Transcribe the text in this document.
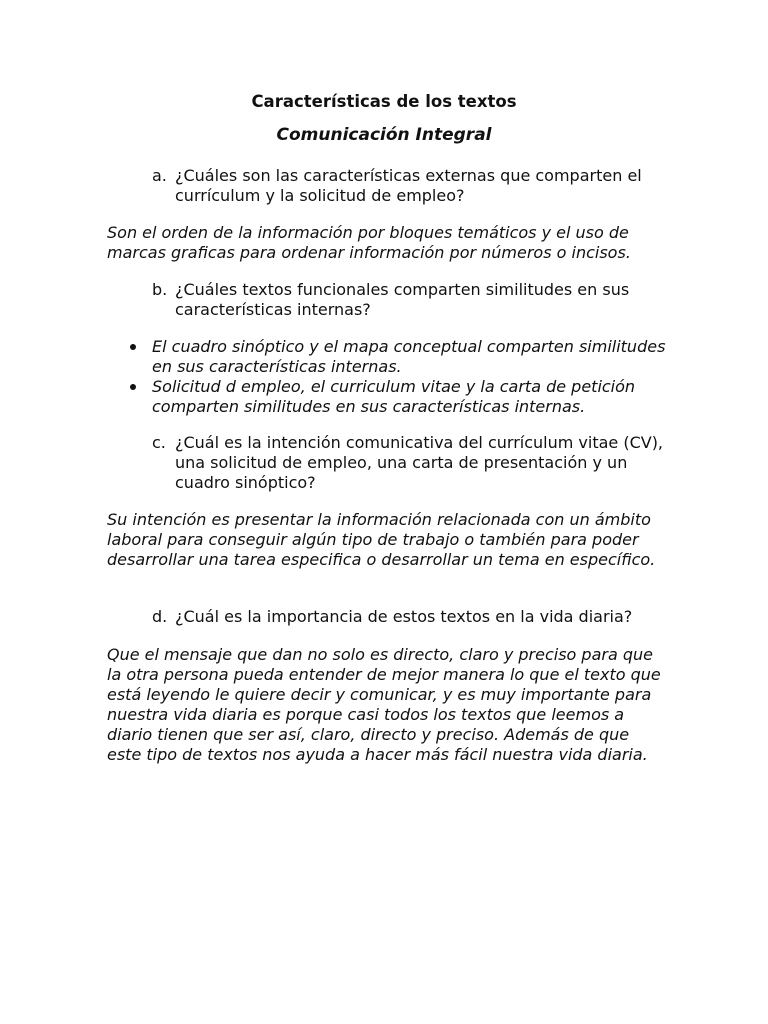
Características de los textos
Comunicación Integral
a. ¿Cuáles son las características externas que comparten el currículum y la solicitud de empleo?
Son el orden de la información por bloques temáticos y el uso de marcas graficas para ordenar información por números o incisos.
b. ¿Cuáles textos funcionales comparten similitudes en sus características internas?
El cuadro sinóptico y el mapa conceptual comparten similitudes en sus características internas.
Solicitud d empleo, el curriculum vitae y la carta de petición comparten similitudes en sus características internas.
c. ¿Cuál es la intención comunicativa del currículum vitae (CV), una solicitud de empleo, una carta de presentación y un cuadro sinóptico?
Su intención es presentar la información relacionada con un ámbito laboral para conseguir algún tipo de trabajo o también para poder desarrollar una tarea especifica o desarrollar un tema en específico.
d. ¿Cuál es la importancia de estos textos en la vida diaria?
Que el mensaje que dan no solo es directo, claro y preciso para que la otra persona pueda entender de mejor manera lo que el texto que está leyendo le quiere decir y comunicar, y es muy importante para nuestra vida diaria es porque casi todos los textos que leemos a diario tienen que ser así, claro, directo y preciso. Además de que este tipo de textos nos ayuda a hacer más fácil nuestra vida diaria.
